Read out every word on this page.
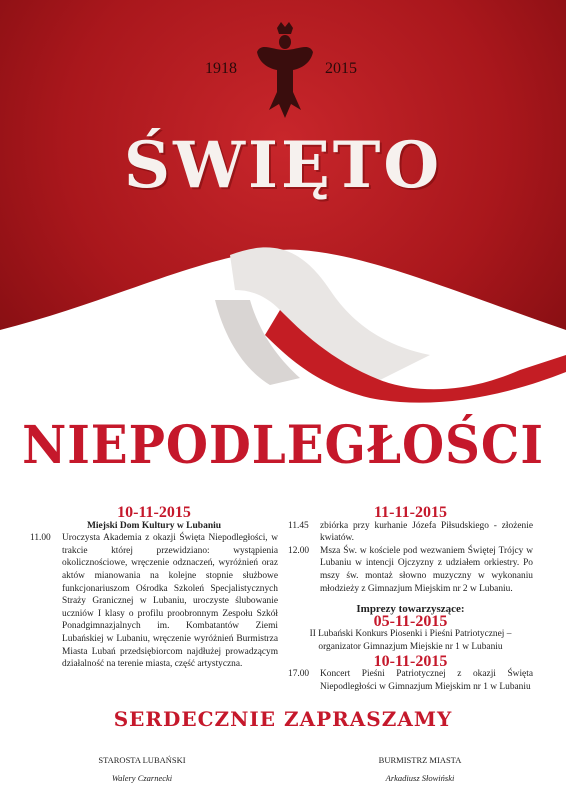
1918	2015
ŚWIĘTO
NIEPODLEGŁOŚCI
10-11-2015
Miejski Dom Kultury w Lubaniu
11.00	Uroczysta Akademia z okazji Święta Niepodległości, w trakcie której przewidziano: wystąpienia okolicznościowe, wręczenie odznaczeń, wyróżnień oraz aktów mianowania na kolejne stopnie służbowe funkcjonariuszom Ośrodka Szkoleń Specjalistycznych Straży Granicznej w Lubaniu, uroczyste ślubowanie uczniów I klasy o profilu proobronnym Zespołu Szkół Ponadgimnazjalnych im. Kombatantów Ziemi Lubańskiej w Lubaniu, wręczenie wyróżnień Burmistrza Miasta Lubań przedsiębiorcom najdłużej prowadzącym działalność na terenie miasta, część artystyczna.
11-11-2015
11.45	zbiórka przy kurhanie Józefa Piłsudskiego - złożenie kwiatów.
12.00	Msza Św. w kościele pod wezwaniem Świętej Trójcy w Lubaniu w intencji Ojczyzny z udziałem orkiestry. Po mszy św. montaż słowno muzyczny w wykonaniu młodzieży z Gimnazjum Miejskim nr 2 w Lubaniu.
Imprezy towarzyszące:
05-11-2015
II Lubański Konkurs Piosenki i Pieśni Patriotycznej – organizator Gimnazjum Miejskie nr 1 w Lubaniu
10-11-2015
17.00	Koncert Pieśni Patriotycznej z okazji Święta Niepodległości w Gimnazjum Miejskim nr 1 w Lubaniu
SERDECZNIE ZAPRASZAMY
STAROSTA LUBAŃSKI
Walery Czarnecki
BURMISTRZ MIASTA
Arkadiusz Słowiński
